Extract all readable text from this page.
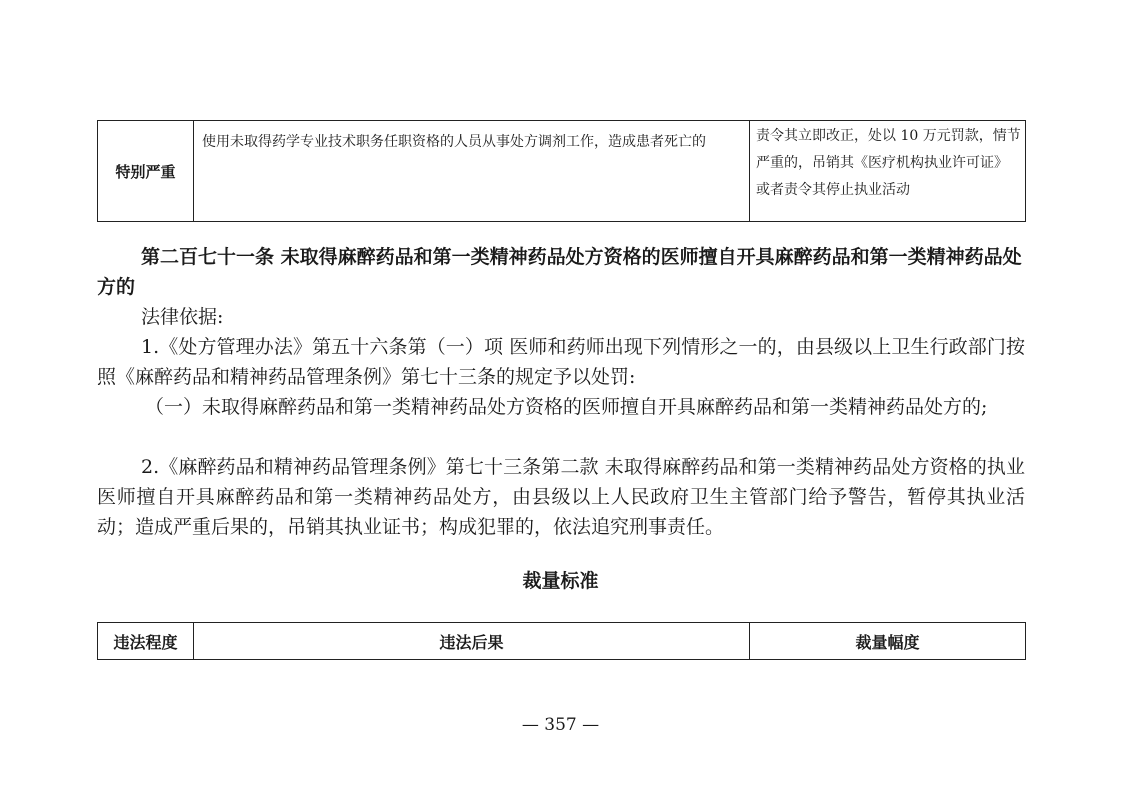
特别严重	使用未取得药学专业技术职务任职资格的人员从事处方调剂工作，造成患者死亡的	责令其立即改正，处以 10 万元罚款，情节严重的，吊销其《医疗机构执业许可证》或者责令其停止执业活动

第二百七十一条 未取得麻醉药品和第一类精神药品处方资格的医师擅自开具麻醉药品和第一类精神药品处方的

法律依据:

1.《处方管理办法》第五十六条第（一）项 医师和药师出现下列情形之一的，由县级以上卫生行政部门按照《麻醉药品和精神药品管理条例》第七十三条的规定予以处罚:

（一）未取得麻醉药品和第一类精神药品处方资格的医师擅自开具麻醉药品和第一类精神药品处方的;

2.《麻醉药品和精神药品管理条例》第七十三条第二款 未取得麻醉药品和第一类精神药品处方资格的执业医师擅自开具麻醉药品和第一类精神药品处方，由县级以上人民政府卫生主管部门给予警告，暂停其执业活动；造成严重后果的，吊销其执业证书；构成犯罪的，依法追究刑事责任。

裁量标准

违法程度	违法后果	裁量幅度

— 357 —
